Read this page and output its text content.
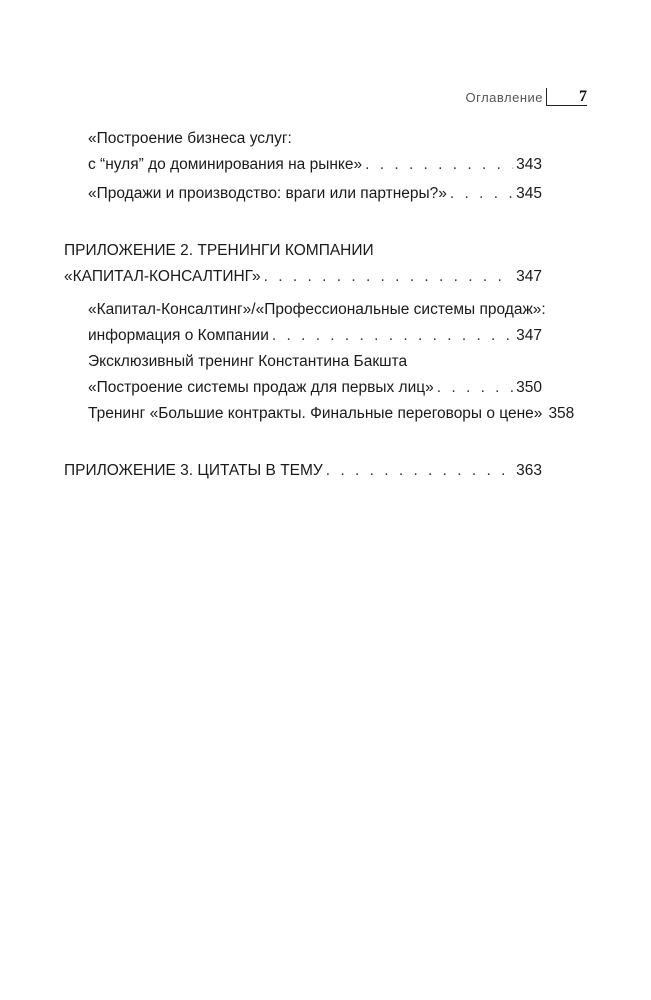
Оглавление	7
«Построение бизнеса услуг:
с “нуля” до доминирования на рынке» . . .	343
«Продажи и производство: враги или партнеры?» . . .	345
ПРИЛОЖЕНИЕ 2. ТРЕНИНГИ КОМПАНИИ
«КАПИТАЛ-КОНСАЛТИНГ» . . .	347
«Капитал-Консалтинг»/«Профессиональные системы продаж»:
информация о Компании . . .	347
Эксклюзивный тренинг Константина Бакшта
«Построение системы продаж для первых лиц» . . .	350
Тренинг «Большие контракты. Финальные переговоры о цене» 358
ПРИЛОЖЕНИЕ 3. ЦИТАТЫ В ТЕМУ . . .	363
